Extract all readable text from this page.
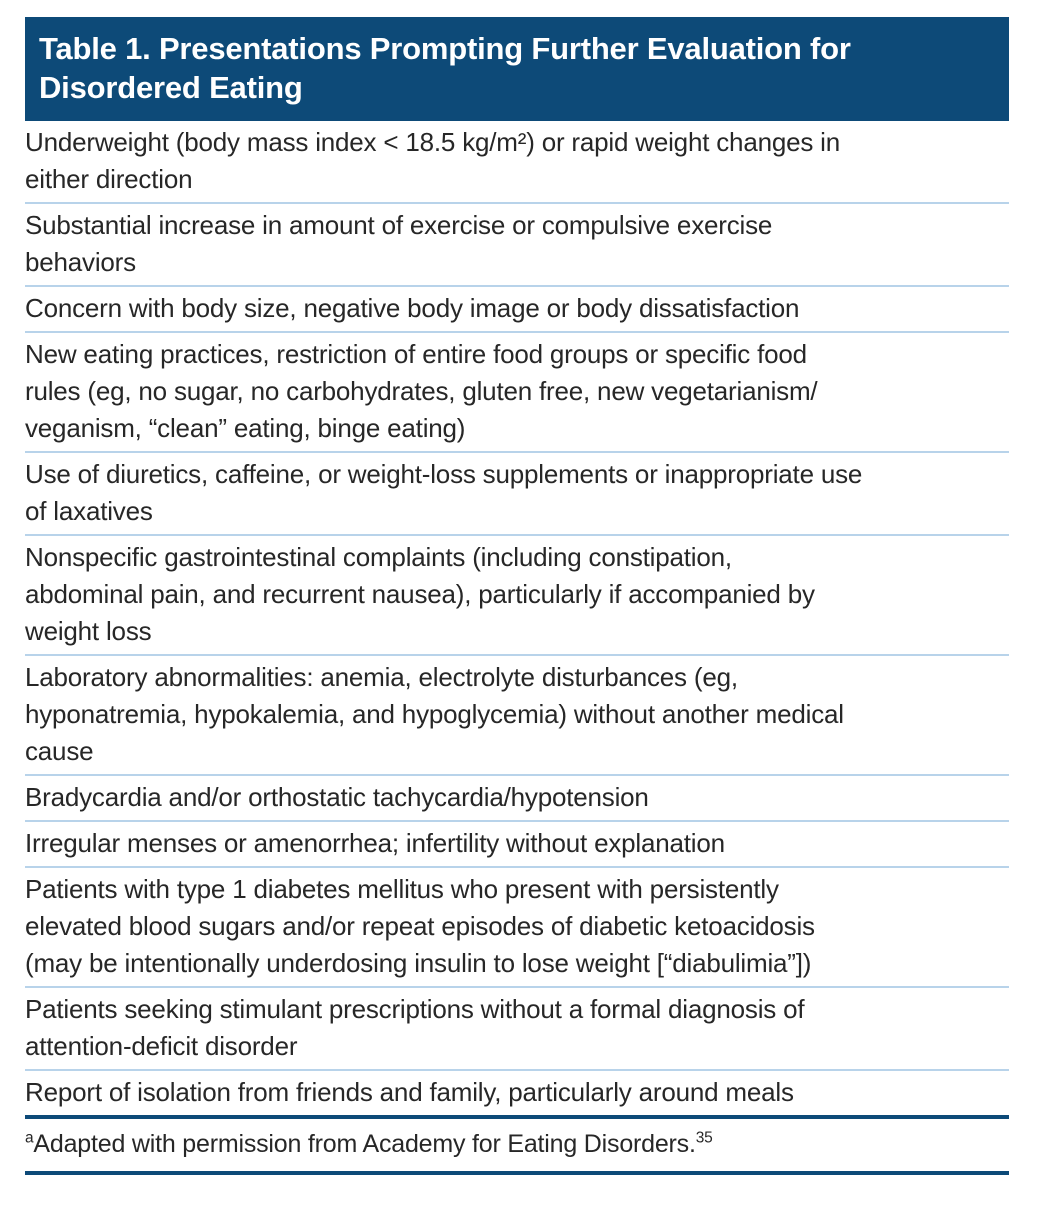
Table 1. Presentations Prompting Further Evaluation for
Disordered Eating
Underweight (body mass index < 18.5 kg/m²) or rapid weight changes in
either direction
Substantial increase in amount of exercise or compulsive exercise
behaviors
Concern with body size, negative body image or body dissatisfaction
New eating practices, restriction of entire food groups or specific food
rules (eg, no sugar, no carbohydrates, gluten free, new vegetarianism/
veganism, “clean” eating, binge eating)
Use of diuretics, caffeine, or weight-loss supplements or inappropriate use
of laxatives
Nonspecific gastrointestinal complaints (including constipation,
abdominal pain, and recurrent nausea), particularly if accompanied by
weight loss
Laboratory abnormalities: anemia, electrolyte disturbances (eg,
hyponatremia, hypokalemia, and hypoglycemia) without another medical
cause
Bradycardia and/or orthostatic tachycardia/hypotension
Irregular menses or amenorrhea; infertility without explanation
Patients with type 1 diabetes mellitus who present with persistently
elevated blood sugars and/or repeat episodes of diabetic ketoacidosis
(may be intentionally underdosing insulin to lose weight [“diabulimia”])
Patients seeking stimulant prescriptions without a formal diagnosis of
attention-deficit disorder
Report of isolation from friends and family, particularly around meals
$^a$Adapted with permission from Academy for Eating Disorders.$^{35}$
